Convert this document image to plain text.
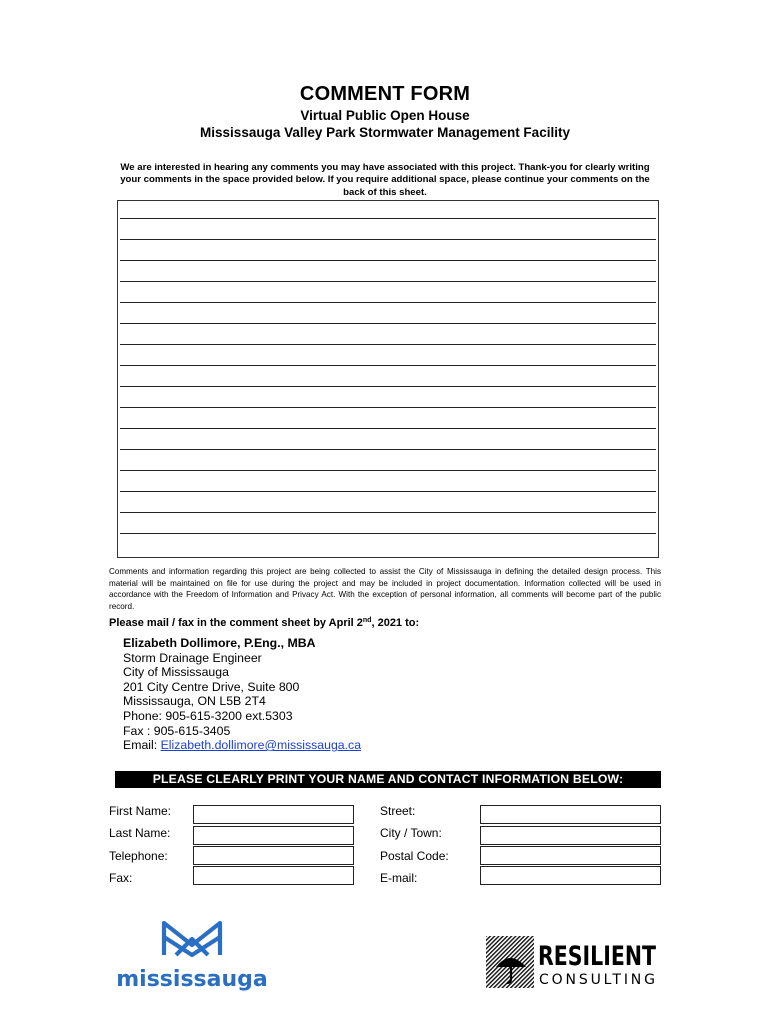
COMMENT FORM
Virtual Public Open House
Mississauga Valley Park Stormwater Management Facility
We are interested in hearing any comments you may have associated with this project. Thank-you for clearly writing your comments in the space provided below. If you require additional space, please continue your comments on the back of this sheet.
Comments and information regarding this project are being collected to assist the City of Mississauga in defining the detailed design process. This material will be maintained on file for use during the project and may be included in project documentation. Information collected will be used in accordance with the Freedom of Information and Privacy Act. With the exception of personal information, all comments will become part of the public record.
Please mail / fax in the comment sheet by April 2nd, 2021 to:
Elizabeth Dollimore, P.Eng., MBA
Storm Drainage Engineer
City of Mississauga
201 City Centre Drive, Suite 800
Mississauga, ON L5B 2T4
Phone: 905-615-3200 ext.5303
Fax : 905-615-3405
Email: Elizabeth.dollimore@mississauga.ca
PLEASE CLEARLY PRINT YOUR NAME AND CONTACT INFORMATION BELOW:
First Name:
Last Name:
Telephone:
Fax:
Street:
City / Town:
Postal Code:
E-mail:
mississauga
RESILIENT
CONSULTING
